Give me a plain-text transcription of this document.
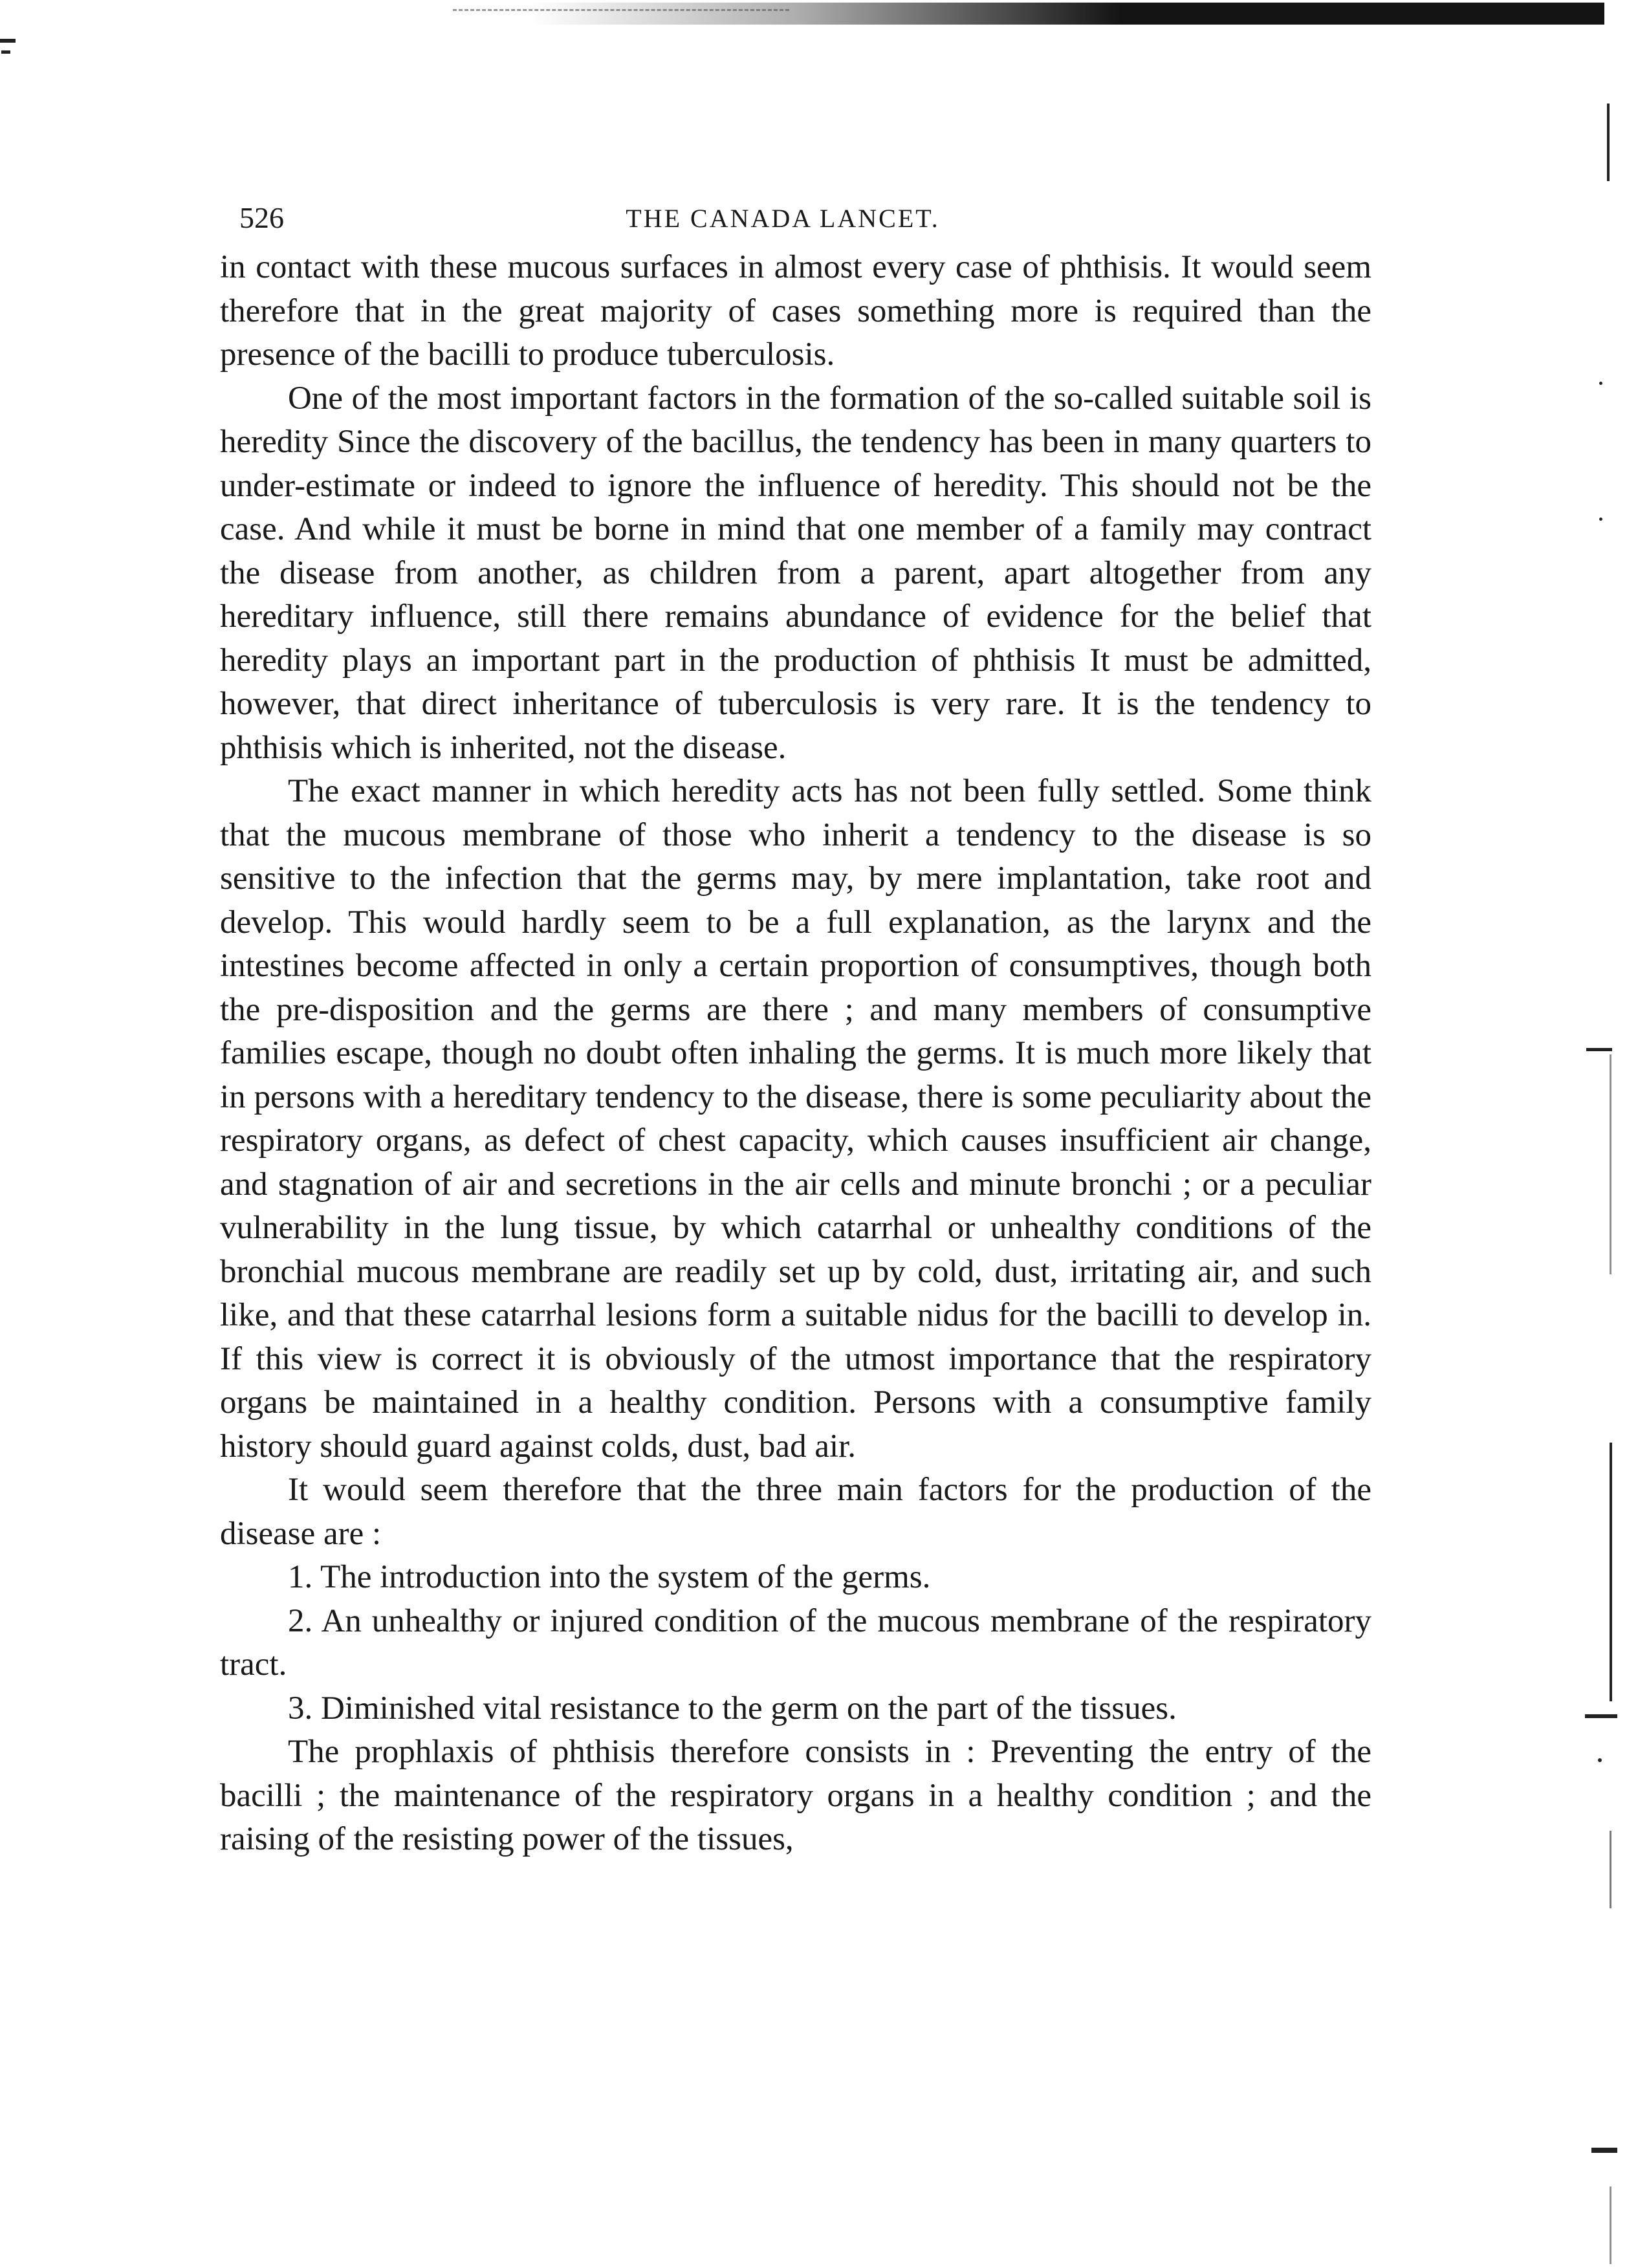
526	THE CANADA LANCET.

in contact with these mucous surfaces in almost every case of phthisis. It would seem therefore that in the great majority of cases something more is required than the presence of the bacilli to produce tuberculosis.

One of the most important factors in the formation of the so-called suitable soil is heredity Since the discovery of the bacillus, the tendency has been in many quarters to under-estimate or indeed to ignore the influence of heredity. This should not be the case. And while it must be borne in mind that one member of a family may contract the disease from another, as children from a parent, apart altogether from any hereditary influence, still there remains abundance of evidence for the belief that heredity plays an important part in the production of phthisis It must be admitted, however, that direct inheritance of tuberculosis is very rare. It is the tendency to phthisis which is inherited, not the disease.

The exact manner in which heredity acts has not been fully settled. Some think that the mucous membrane of those who inherit a tendency to the disease is so sensitive to the infection that the germs may, by mere implantation, take root and develop. This would hardly seem to be a full explanation, as the larynx and the intestines become affected in only a certain proportion of consumptives, though both the pre-disposition and the germs are there ; and many members of consumptive families escape, though no doubt often inhaling the germs. It is much more likely that in persons with a hereditary tendency to the disease, there is some peculiarity about the respiratory organs, as defect of chest capacity, which causes insufficient air change, and stagnation of air and secretions in the air cells and minute bronchi ; or a peculiar vulnerability in the lung tissue, by which catarrhal or unhealthy conditions of the bronchial mucous membrane are readily set up by cold, dust, irritating air, and such like, and that these catarrhal lesions form a suitable nidus for the bacilli to develop in. If this view is correct it is obviously of the utmost importance that the respiratory organs be maintained in a healthy condition. Persons with a consumptive family history should guard against colds, dust, bad air.

It would seem therefore that the three main factors for the production of the disease are :

1. The introduction into the system of the germs.

2. An unhealthy or injured condition of the mucous membrane of the respiratory tract.

3. Diminished vital resistance to the germ on the part of the tissues.

The prophlaxis of phthisis therefore consists in : Preventing the entry of the bacilli ; the maintenance of the respiratory organs in a healthy condition ; and the raising of the resisting power of the tissues,
